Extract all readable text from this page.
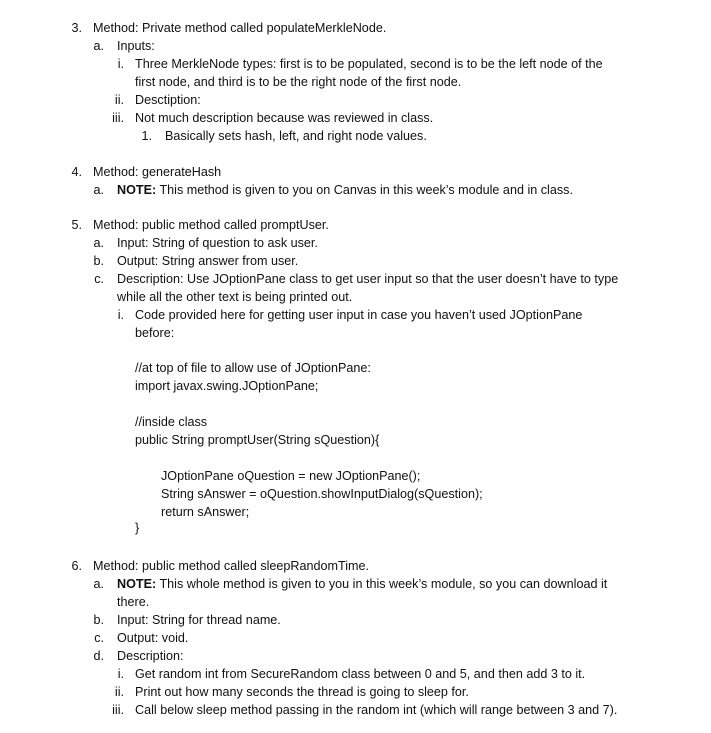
3. Method: Private method called populateMerkleNode.
a. Inputs:
i. Three MerkleNode types: first is to be populated, second is to be the left node of the
first node, and third is to be the right node of the first node.
ii. Desctiption:
iii. Not much description because was reviewed in class.
1. Basically sets hash, left, and right node values.
4. Method: generateHash
a. NOTE: This method is given to you on Canvas in this week’s module and in class.
5. Method: public method called promptUser.
a. Input: String of question to ask user.
b. Output: String answer from user.
c. Description: Use JOptionPane class to get user input so that the user doesn’t have to type
while all the other text is being printed out.
i. Code provided here for getting user input in case you haven’t used JOptionPane
before:
//at top of file to allow use of JOptionPane:
import javax.swing.JOptionPane;
//inside class
public String promptUser(String sQuestion){
JOptionPane oQuestion = new JOptionPane();
String sAnswer = oQuestion.showInputDialog(sQuestion);
return sAnswer;
}
6. Method: public method called sleepRandomTime.
a. NOTE: This whole method is given to you in this week’s module, so you can download it
there.
b. Input: String for thread name.
c. Output: void.
d. Description:
i. Get random int from SecureRandom class between 0 and 5, and then add 3 to it.
ii. Print out how many seconds the thread is going to sleep for.
iii. Call below sleep method passing in the random int (which will range between 3 and 7).
